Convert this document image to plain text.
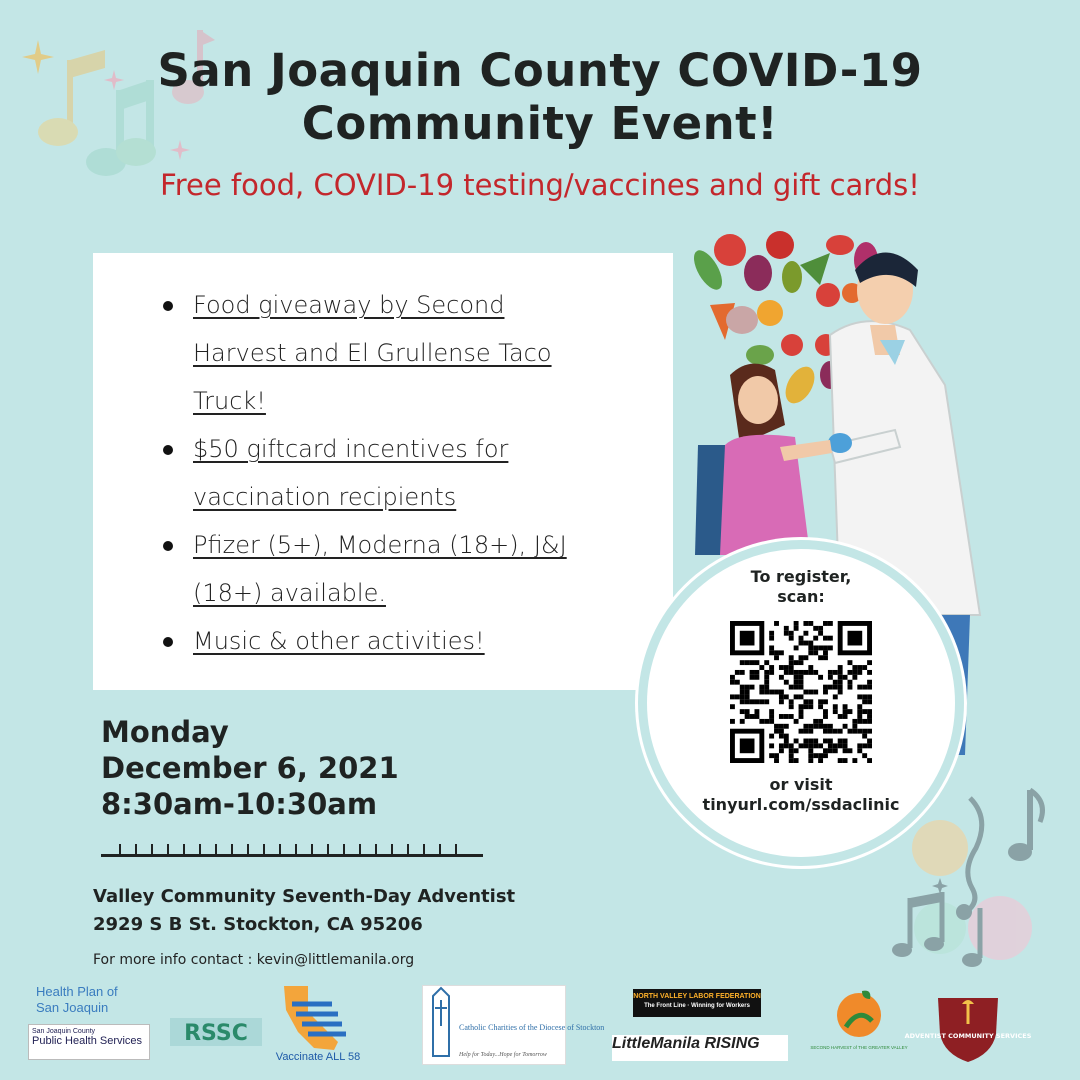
San Joaquin County COVID-19
Community Event!
Free food, COVID-19 testing/vaccines and gift cards!
Food giveaway by Second Harvest and El Grullense Taco Truck!
$50 giftcard incentives for vaccination recipients
Pfizer (5+), Moderna (18+), J&J (18+) available.
Music & other activities!
Monday
December 6, 2021
8:30am-10:30am
Valley Community Seventh-Day Adventist
2929 S B St. Stockton, CA 95206
For more info contact : kevin@littlemanila.org
To register,
scan:
or visit
tinyurl.com/ssdaclinic
Health Plan of San Joaquin
San Joaquin County
Public Health Services RSSC
Vaccinate ALL 58
Catholic Charities of the Diocese of Stockton
Help for Today...Hope for Tomorrow
NORTH VALLEY LABOR FEDERATION
The Front Line · Winning for Workers
LittleManila RISING	SECOND HARVEST of THE GREATER VALLEY
ADVENTIST COMMUNITY SERVICES
